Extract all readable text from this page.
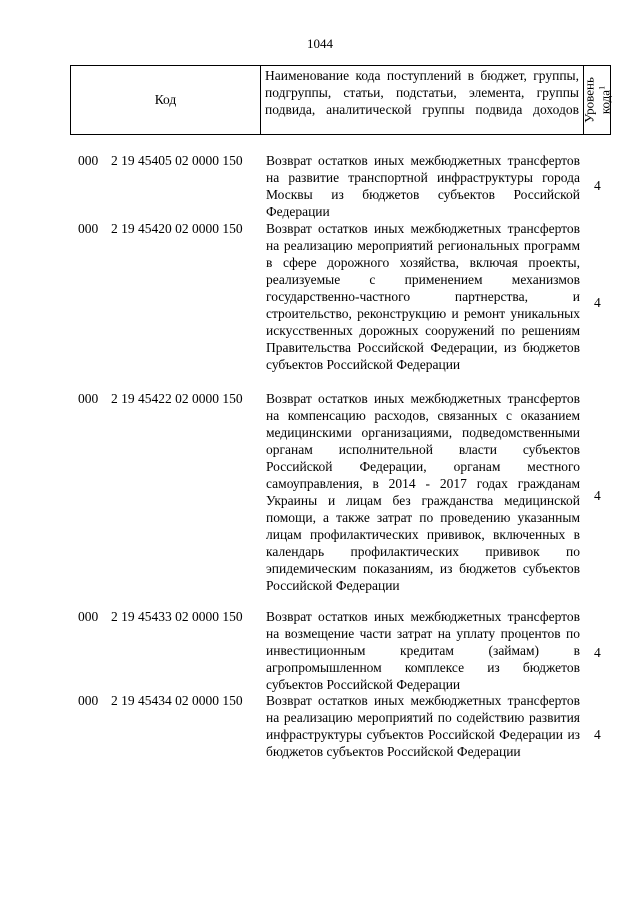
1044
Код	Наименование кода поступлений в бюджет, группы, подгруппы, статьи, подстатьи, элемента, группы подвида, аналитической группы подвида доходов	Уровень
кода$^1$
000 2 19 45405 02 0000 150 Возврат остатков иных межбюджетных трансфертов на развитие транспортной инфраструктуры города Москвы из бюджетов субъектов Российской Федерации
4
000 2 19 45420 02 0000 150 Возврат остатков иных межбюджетных трансфертов на реализацию мероприятий региональных программ в сфере дорожного хозяйства, включая проекты, реализуемые с применением механизмов государственно-частного партнерства, и строительство, реконструкцию и ремонт уникальных искусственных дорожных сооружений по решениям Правительства Российской Федерации, из бюджетов субъектов Российской Федерации
4
000 2 19 45422 02 0000 150 Возврат остатков иных межбюджетных трансфертов на компенсацию расходов, связанных с оказанием медицинскими организациями, подведомственными органам исполнительной власти субъектов Российской Федерации, органам местного самоуправления, в 2014 - 2017 годах гражданам Украины и лицам без гражданства медицинской помощи, а также затрат по проведению указанным лицам профилактических прививок, включенных в календарь профилактических прививок по эпидемическим показаниям, из бюджетов субъектов Российской Федерации
4
000 2 19 45433 02 0000 150 Возврат остатков иных межбюджетных трансфертов на возмещение части затрат на уплату процентов по инвестиционным кредитам (займам) в агропромышленном комплексе из бюджетов субъектов Российской Федерации
4
000 2 19 45434 02 0000 150 Возврат остатков иных межбюджетных трансфертов на реализацию мероприятий по содействию развития инфраструктуры субъектов Российской Федерации из бюджетов субъектов Российской Федерации
4
